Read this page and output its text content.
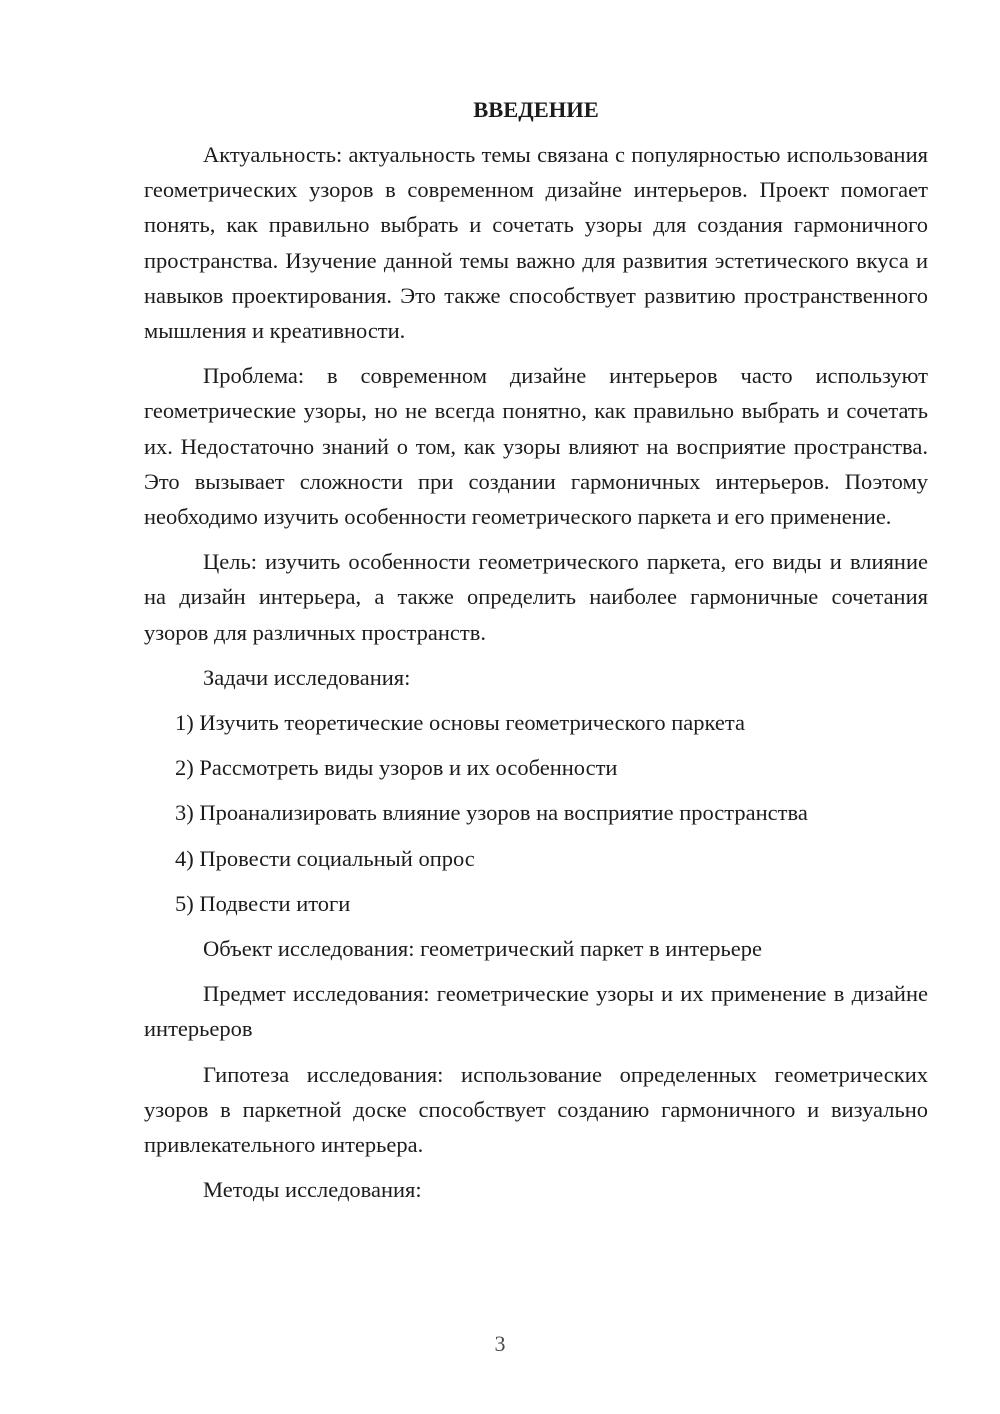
ВВЕДЕНИЕ

Актуальность: актуальность темы связана с популярностью использования геометрических узоров в современном дизайне интерьеров. Проект помогает понять, как правильно выбрать и сочетать узоры для создания гармоничного пространства. Изучение данной темы важно для развития эстетического вкуса и навыков проектирования. Это также способствует развитию пространственного мышления и креативности.

Проблема: в современном дизайне интерьеров часто используют геометрические узоры, но не всегда понятно, как правильно выбрать и сочетать их. Недостаточно знаний о том, как узоры влияют на восприятие пространства. Это вызывает сложности при создании гармоничных интерьеров. Поэтому необходимо изучить особенности геометрического паркета и его применение.

Цель: изучить особенности геометрического паркета, его виды и влияние на дизайн интерьера, а также определить наиболее гармоничные сочетания узоров для различных пространств.

Задачи исследования:

1) Изучить теоретические основы геометрического паркета

2) Рассмотреть виды узоров и их особенности

3) Проанализировать влияние узоров на восприятие пространства

4) Провести социальный опрос

5) Подвести итоги

Объект исследования: геометрический паркет в интерьере

Предмет исследования: геометрические узоры и их применение в дизайне интерьеров

Гипотеза исследования: использование определенных геометрических узоров в паркетной доске способствует созданию гармоничного и визуально привлекательного интерьера.

Методы исследования:

3
